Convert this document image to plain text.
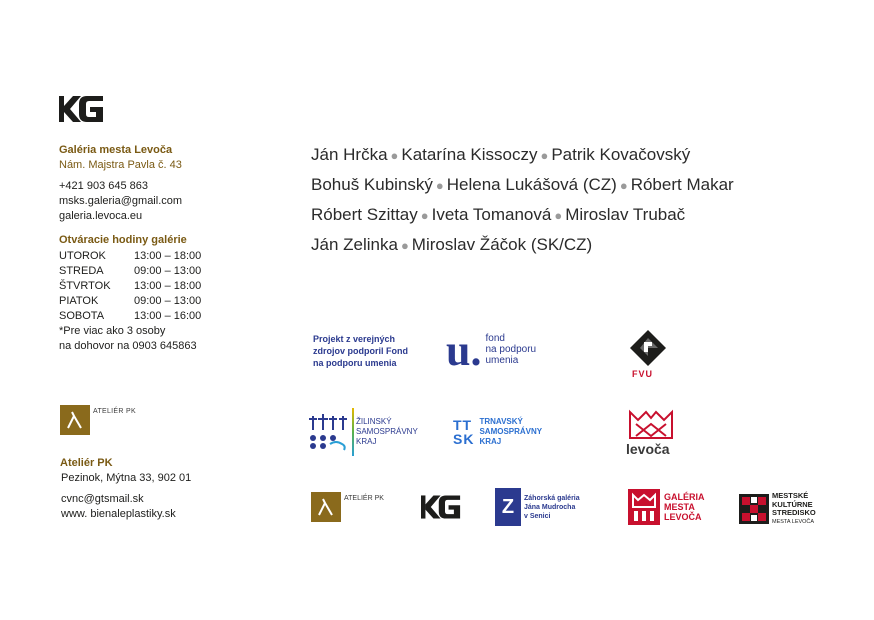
Galéria mesta Levoča
Nám. Majstra Pavla č. 43
+421 903 645 863
msks.galeria@gmail.com
galeria.levoca.eu
Otváracie hodiny galérie
UTOROK	13:00 – 18:00
STREDA	09:00 – 13:00
ŠTVRTOK	13:00 – 18:00
PIATOK	09:00 – 13:00
SOBOTA	13:00 – 16:00
*Pre viac ako 3 osoby
na dohovor na 0903 645863
ATELIÉR PK
Ateliér PK
Pezinok, Mýtna 33, 902 01
cvnc@gtsmail.sk
www. bienaleplastiky.sk
Ján Hrčka ● Katarína Kissoczy ● Patrik Kovačovský
Bohuš Kubinský ● Helena Lukášová (CZ) ● Róbert Makar
Róbert Szittay ● Iveta Tomanová ● Miroslav Trubač
Ján Zelinka ● Miroslav Žáčok (SK/CZ)
Projekt z verejných
zdrojov podporil Fond
na podporu umenia u. fond
na podporu
umenia
FVU
ŽILINSKÝ
SAMOSPRÁVNY
KRAJ
TT
SK
TRNAVSKÝ
SAMOSPRÁVNY
KRAJ	levoča
ATELIÉR PK	Z	Záhorská galéria
Jána Mudrocha
v Senici
GALÉRIA
MESTA
LEVOČA
MESTSKÉ
KULTÚRNE
STREDISKO
MESTA LEVOČA
